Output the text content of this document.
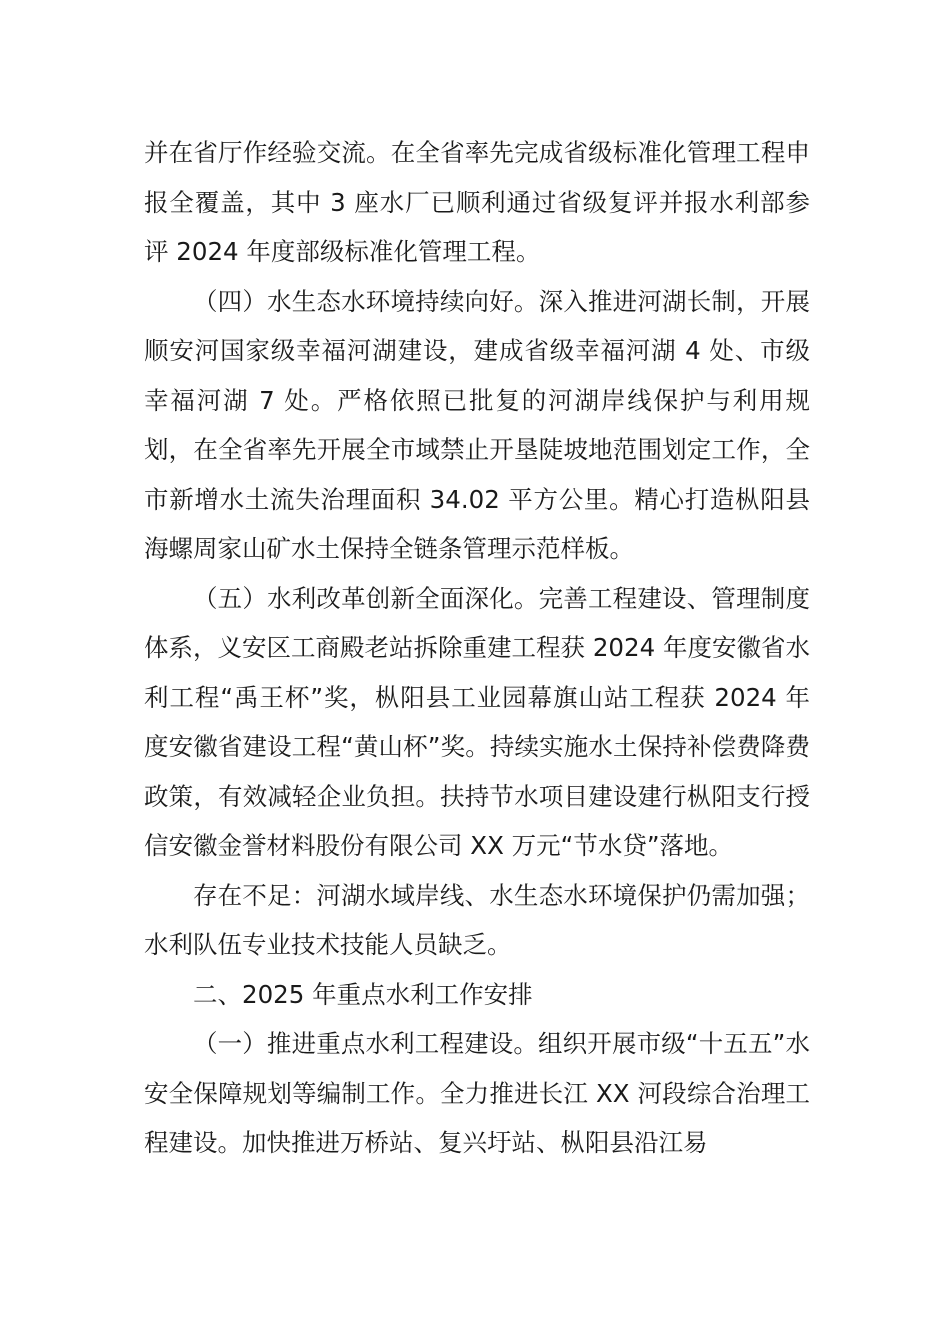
并在省厅作经验交流。在全省率先完成省级标准化管理工程申报全覆盖，其中 3 座水厂已顺利通过省级复评并报水利部参评 2024 年度部级标准化管理工程。

（四）水生态水环境持续向好。深入推进河湖长制，开展顺安河国家级幸福河湖建设，建成省级幸福河湖 4 处、市级幸福河湖 7 处。严格依照已批复的河湖岸线保护与利用规划，在全省率先开展全市域禁止开垦陡坡地范围划定工作，全市新增水土流失治理面积 34.02 平方公里。精心打造枞阳县海螺周家山矿水土保持全链条管理示范样板。

（五）水利改革创新全面深化。完善工程建设、管理制度体系，义安区工商殿老站拆除重建工程获 2024 年度安徽省水利工程“禹王杯”奖，枞阳县工业园幕旗山站工程获 2024 年度安徽省建设工程“黄山杯”奖。持续实施水土保持补偿费降费政策，有效减轻企业负担。扶持节水项目建设建行枞阳支行授信安徽金誉材料股份有限公司 XX 万元“节水贷”落地。

存在不足：河湖水域岸线、水生态水环境保护仍需加强；水利队伍专业技术技能人员缺乏。

二、2025 年重点水利工作安排

（一）推进重点水利工程建设。组织开展市级“十五五”水安全保障规划等编制工作。全力推进长江 XX 河段综合治理工程建设。加快推进万桥站、复兴圩站、枞阳县沿江易
